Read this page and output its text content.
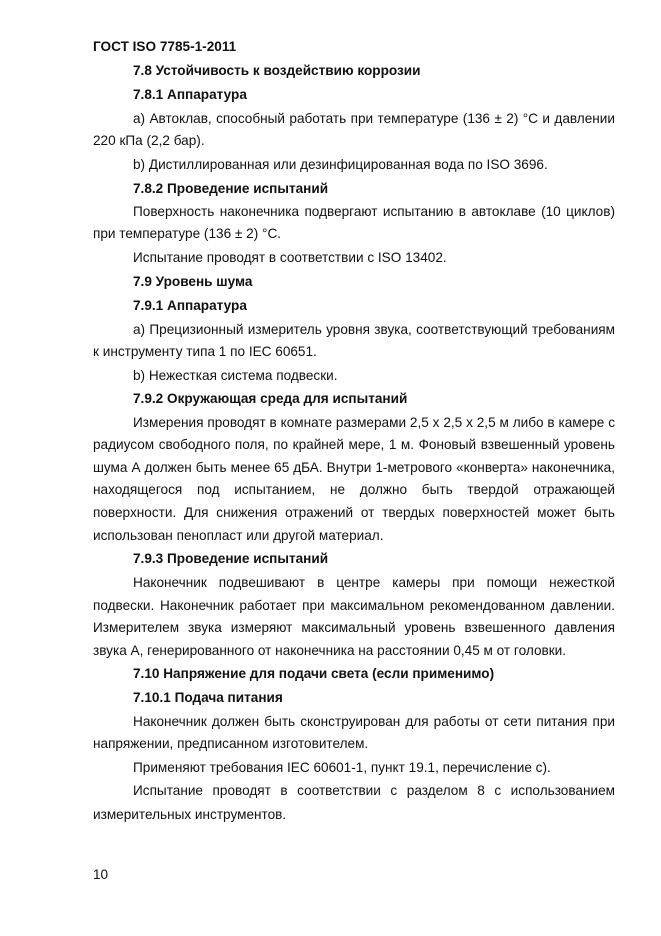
ГОСТ ISO 7785-1-2011
7.8 Устойчивость к воздействию коррозии
7.8.1 Аппаратура
a) Автоклав, способный работать при температуре (136 ± 2) °C и давлении
220 кПа (2,2 бар).
b) Дистиллированная или дезинфицированная вода по ISO 3696.
7.8.2 Проведение испытаний
Поверхность наконечника подвергают испытанию в автоклаве (10 циклов)
при температуре (136 ± 2) °C.
Испытание проводят в соответствии с ISO 13402.
7.9 Уровень шума
7.9.1 Аппаратура
a) Прецизионный измеритель уровня звука, соответствующий требованиям
к инструменту типа 1 по IEC 60651.
b) Нежесткая система подвески.
7.9.2 Окружающая среда для испытаний
Измерения проводят в комнате размерами 2,5 x 2,5 x 2,5 м либо в камере с
радиусом свободного поля, по крайней мере, 1 м. Фоновый взвешенный уровень
шума А должен быть менее 65 дБА. Внутри 1-метрового «конверта» наконечника,
находящегося под испытанием, не должно быть твердой отражающей
поверхности. Для снижения отражений от твердых поверхностей может быть
использован пенопласт или другой материал.
7.9.3 Проведение испытаний
Наконечник подвешивают в центре камеры при помощи нежесткой
подвески. Наконечник работает при максимальном рекомендованном давлении.
Измерителем звука измеряют максимальный уровень взвешенного давления
звука А, генерированного от наконечника на расстоянии 0,45 м от головки.
7.10 Напряжение для подачи света (если применимо)
7.10.1 Подача питания
Наконечник должен быть сконструирован для работы от сети питания при
напряжении, предписанном изготовителем.
Применяют требования IEC 60601-1, пункт 19.1, перечисление с).
Испытание проводят в соответствии с разделом 8 с использованием
измерительных инструментов.
10
